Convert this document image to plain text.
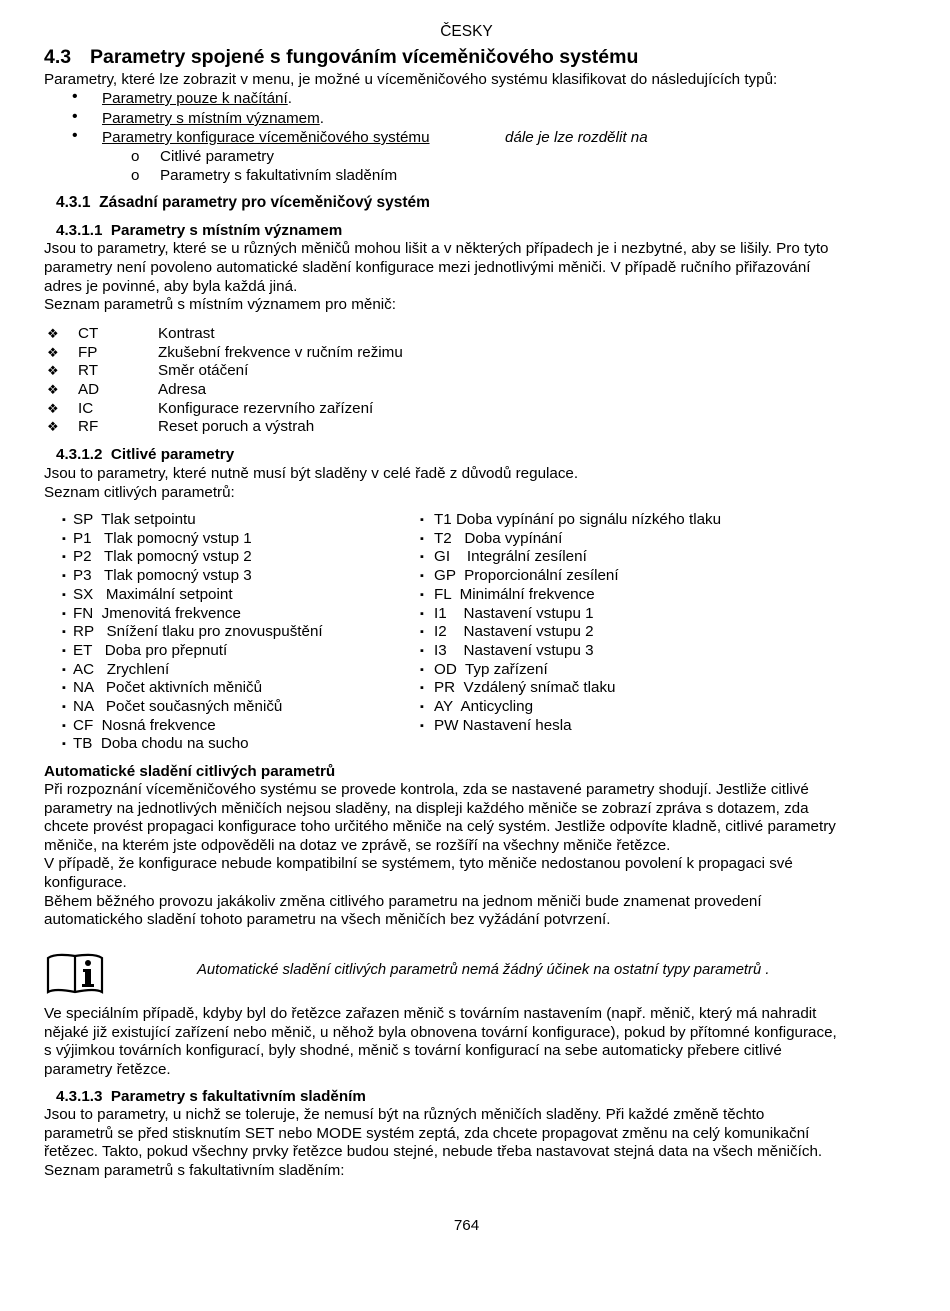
ČESKY
4.3 Parametry spojené s fungováním víceměničového systému
Parametry, které lze zobrazit v menu, je možné u víceměničového systému klasifikovat do následujících typů:
• Parametry pouze k načítání.
• Parametry s místním významem.
• Parametry konfigurace víceměničového systému	dále je lze rozdělit na
o Citlivé parametry
o Parametry s fakultativním sladěním
4.3.1 Zásadní parametry pro víceměničový systém
4.3.1.1 Parametry s místním významem
Jsou to parametry, které se u různých měničů mohou lišit a v některých případech je i nezbytné, aby se lišily. Pro tyto
parametry není povoleno automatické sladění konfigurace mezi jednotlivými měniči. V případě ručního přiřazování
adres je povinné, aby byla každá jiná.
Seznam parametrů s místním významem pro měnič:
❖ CT	Kontrast
❖ FP	Zkušební frekvence v ručním režimu
❖ RT	Směr otáčení
❖ AD	Adresa
❖ IC	Konfigurace rezervního zařízení
❖ RF	Reset poruch a výstrah
4.3.1.2 Citlivé parametry
Jsou to parametry, které nutně musí být sladěny v celé řadě z důvodů regulace.
Seznam citlivých parametrů:
▪ SP  Tlak setpointu
▪ P1   Tlak pomocný vstup 1
▪ P2   Tlak pomocný vstup 2
▪ P3   Tlak pomocný vstup 3
▪ SX   Maximální setpoint
▪ FN  Jmenovitá frekvence
▪ RP   Snížení tlaku pro znovuspuštění
▪ ET   Doba pro přepnutí
▪ AC   Zrychlení
▪ NA   Počet aktivních měničů
▪ NA   Počet současných měničů
▪ CF  Nosná frekvence
▪ TB  Doba chodu na sucho
▪ T1 Doba vypínání po signálu nízkého tlaku
▪ T2   Doba vypínání
▪ GI    Integrální zesílení
▪ GP  Proporcionální zesílení
▪ FL  Minimální frekvence
▪ I1    Nastavení vstupu 1
▪ I2    Nastavení vstupu 2
▪ I3    Nastavení vstupu 3
▪ OD  Typ zařízení
▪ PR  Vzdálený snímač tlaku
▪ AY  Anticycling
▪ PW Nastavení hesla
Automatické sladění citlivých parametrů
Při rozpoznání víceměničového systému se provede kontrola, zda se nastavené parametry shodují. Jestliže citlivé
parametry na jednotlivých měničích nejsou sladěny, na displeji každého měniče se zobrazí zpráva s dotazem, zda
chcete provést propagaci konfigurace toho určitého měniče na celý systém. Jestliže odpovíte kladně, citlivé parametry
měniče, na kterém jste odpověděli na dotaz ve zprávě, se rozšíří na všechny měniče řetězce.
V případě, že konfigurace nebude kompatibilní se systémem, tyto měniče nedostanou povolení k propagaci své
konfigurace.
Během běžného provozu jakákoliv změna citlivého parametru na jednom měniči bude znamenat provedení
automatického sladění tohoto parametru na všech měničích bez vyžádání potvrzení.
Automatické sladění citlivých parametrů nemá žádný účinek na ostatní typy parametrů .
Ve speciálním případě, kdyby byl do řetězce zařazen měnič s továrním nastavením (např. měnič, který má nahradit
nějaké již existující zařízení nebo měnič, u něhož byla obnovena tovární konfigurace), pokud by přítomné konfigurace,
s výjimkou továrních konfigurací, byly shodné, měnič s tovární konfigurací na sebe automaticky přebere citlivé
parametry řetězce.
4.3.1.3 Parametry s fakultativním sladěním
Jsou to parametry, u nichž se toleruje, že nemusí být na různých měničích sladěny. Při každé změně těchto
parametrů se před stisknutím SET nebo MODE systém zeptá, zda chcete propagovat změnu na celý komunikační
řetězec. Takto, pokud všechny prvky řetězce budou stejné, nebude třeba nastavovat stejná data na všech měničích.
Seznam parametrů s fakultativním sladěním:
764
